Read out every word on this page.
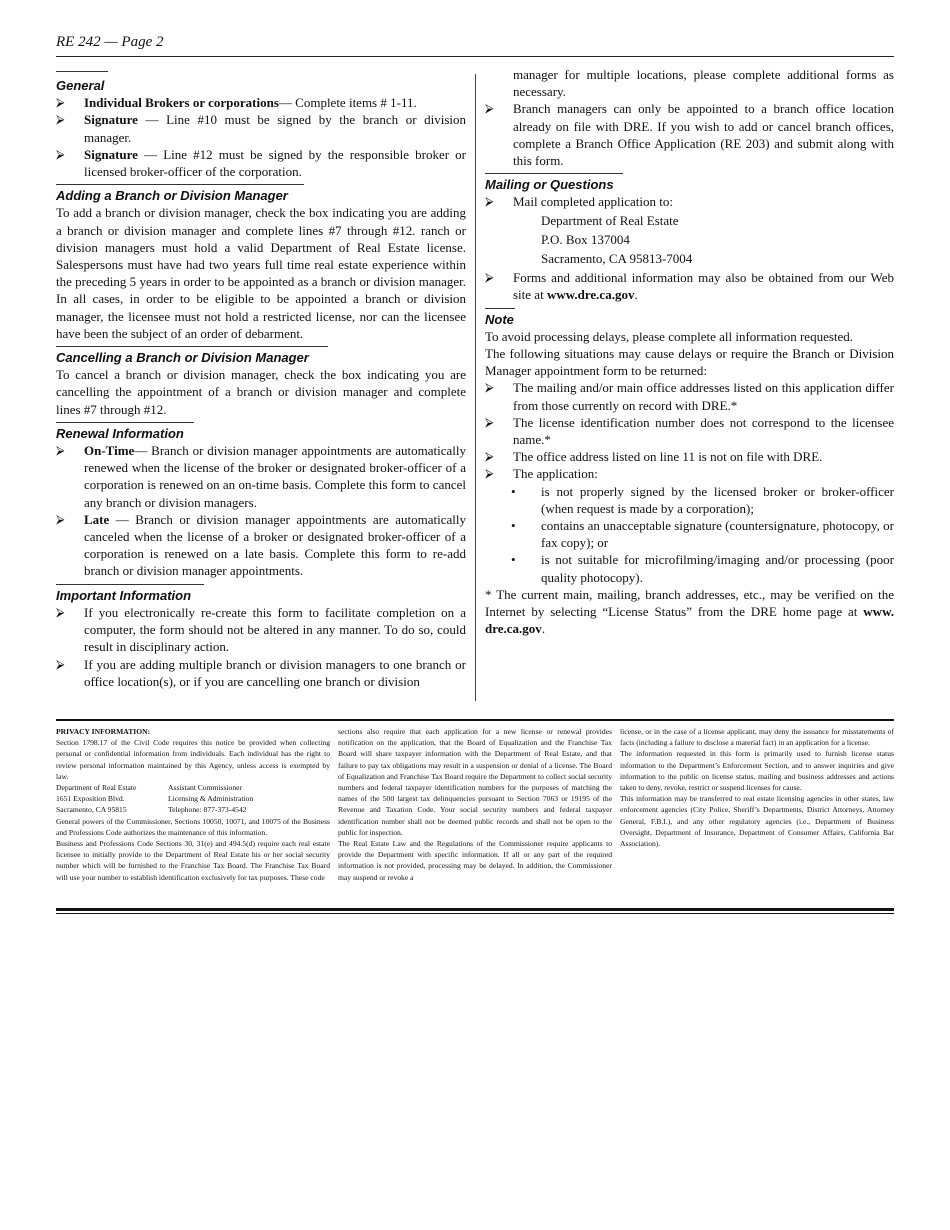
RE 242 — Page 2
General
⮚ Individual Brokers or corporations— Complete items # 1-11.
⮚ Signature — Line #10 must be signed by the branch or division manager.
⮚ Signature — Line #12 must be signed by the responsible broker or licensed broker-officer of the corporation.
Adding a Branch or Division Manager

To add a branch or division manager, check the box indicating you are adding a branch or division manager and complete lines #7 through #12. ranch or division managers must hold a valid Department of Real Estate license. Salespersons must have had two years full time real estate experience within the preceding 5 years in order to be appointed as a branch or division manager. In all cases, in order to be eligible to be appointed a branch or division manager, the licensee must not hold a restricted license, nor can the licensee have been the subject of an order of debarment.

Cancelling a Branch or Division Manager

To cancel a branch or division manager, check the box indicating you are cancelling the appointment of a branch or division manager and complete lines #7 through #12.

Renewal Information
⮚ On-Time— Branch or division manager appointments are automatically renewed when the license of the broker or designated broker-officer of a corporation is renewed on an on-time basis. Complete this form to cancel any branch or division managers.
⮚ Late — Branch or division manager appointments are automatically canceled when the license of a broker or designated broker-officer of a corporation is renewed on a late basis. Complete this form to re-add branch or division manager appointments.
Important Information
⮚ If you electronically re-create this form to facilitate completion on a computer, the form should not be altered in any manner. To do so, could result in disciplinary action.
⮚ If you are adding multiple branch or division managers to one branch or office location(s), or if you are cancelling one branch or division

manager for multiple locations, please complete additional forms as necessary.

⮚ Branch managers can only be appointed to a branch office location already on file with DRE. If you wish to add or cancel branch offices, complete a Branch Office Application (RE 203) and submit along with this form.
Mailing or Questions
⮚ Mail completed application to:
Department of Real Estate
P.O. Box 137004
Sacramento, CA 95813-7004
⮚ Forms and additional information may also be obtained from our Web site at www.dre.ca.gov.
Note

To avoid processing delays, please complete all information requested.

The following situations may cause delays or require the Branch or Division Manager appointment form to be returned:

⮚ The mailing and/or main office addresses listed on this application differ from those currently on record with DRE.*
⮚ The license identification number does not correspond to the licensee name.*
⮚ The office address listed on line 11 is not on file with DRE.
⮚ The application:
• is not properly signed by the licensed broker or broker-officer (when request is made by a corporation);
• contains an unacceptable signature (countersignature, photocopy, or fax copy); or
• is not suitable for microfilming/imaging and/or processing (poor quality photocopy).

* The current main, mailing, branch addresses, etc., may be verified on the Internet by selecting “License Status” from the DRE home page at www. dre.ca.gov.

PRIVACY INFORMATION:
Section 1798.17 of the Civil Code requires this notice be provided when collecting personal or confidential information from individuals. Each individual has the right to review personal information maintained by this Agency, unless access is exempted by law.
Department of Real Estate	Assistant Commissioner
1651 Exposition Blvd.	Licensing & Administration
Sacramento, CA 95815	Telephone: 877-373-4542
General powers of the Commissioner, Sections 10050, 10071, and 10075 of the Business and Professions Code authorizes the maintenance of this information.
Business and Professions Code Sections 30, 31(e) and 494.5(d) require each real estate licensee to initially provide to the Department of Real Estate his or her social security number which will be furnished to the Franchise Tax Board. The Franchise Tax Board will use your number to establish identification exclusively for tax purposes. These code
sections also require that each application for a new license or renewal provides notification on the application, that the Board of Equalization and the Franchise Tax Board will share taxpayer information with the Department of Real Estate, and that failure to pay tax obligations may result in a suspension or denial of a license. The Board of Equalization and Franchise Tax Board require the Department to collect social security numbers and federal taxpayer identification numbers for the purposes of matching the names of the 500 largest tax delinquencies pursuant to Section 7063 or 19195 of the Revenue and Taxation Code. Your social security numbers and federal taxpayer identification number shall not be deemed public records and shall not be open to the public for inspection.
The Real Estate Law and the Regulations of the Commissioner require applicants to provide the Department with specific information. If all or any part of the required information is not provided, processing may be delayed. In addition, the Commissioner may suspend or revoke a
license, or in the case of a license applicant, may deny the issuance for misstatements of facts (including a failure to disclose a material fact) in an application for a license.
The information requested in this form is primarily used to furnish license status information to the Department’s Enforcement Section, and to answer inquiries and give information to the public on license status, mailing and business addresses and actions taken to deny, revoke, restrict or suspend licenses for cause.
This information may be transferred to real estate licensing agencies in other states, law enforcement agencies (City Police, Sheriff’s Departments, District Attorneys, Attorney General, F.B.I.), and any other regulatory agencies (i.e., Department of Business Oversight, Department of Insurance, Department of Consumer Affairs, California Bar Association).
